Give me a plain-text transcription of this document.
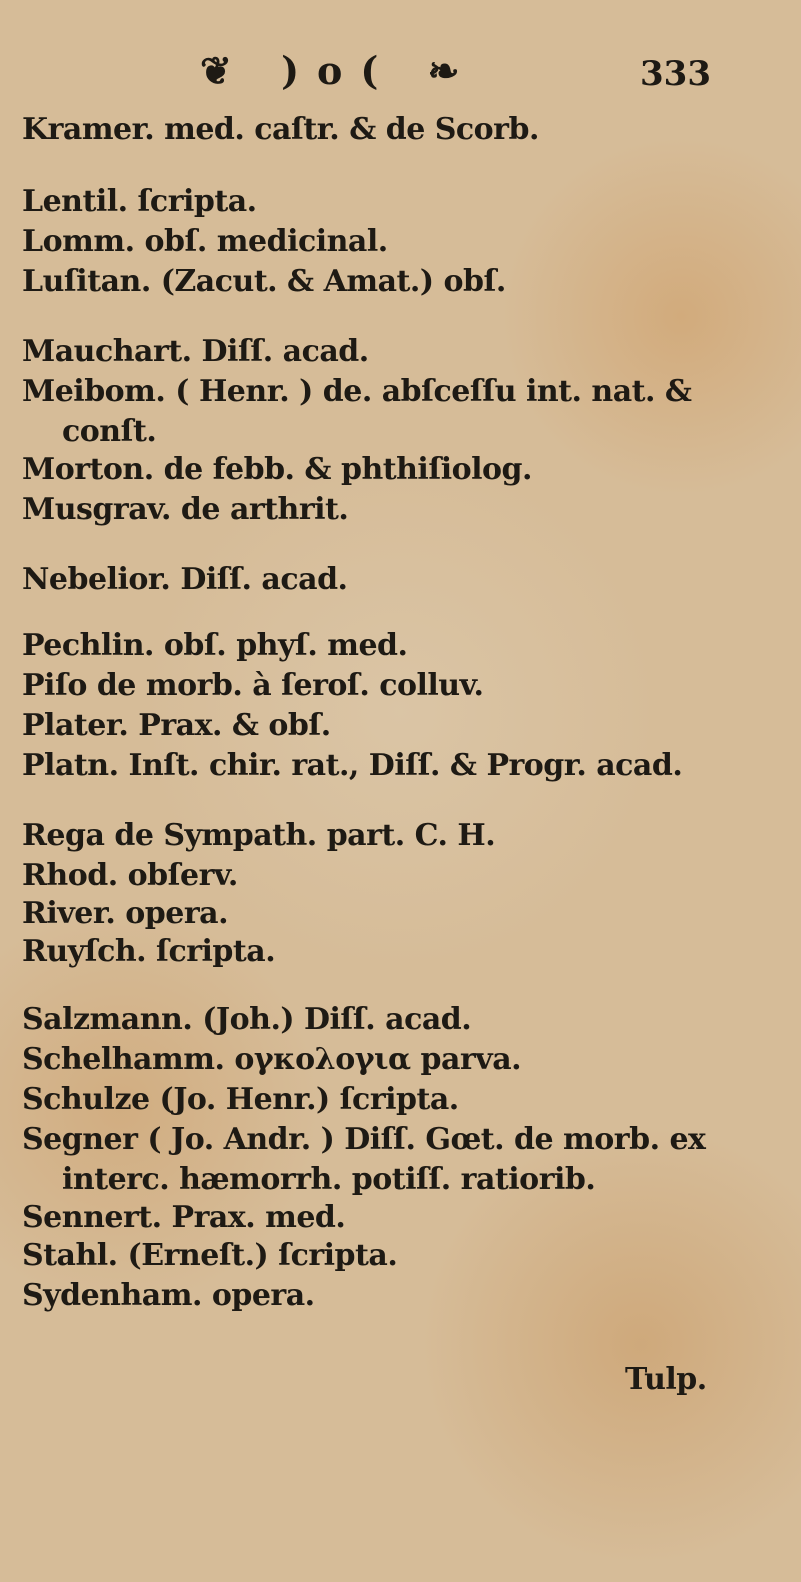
❦ )o( ❧	333
Kramer. med. caſtr. & de Scorb.
Lentil. ſcripta.
Lomm. obſ. medicinal.
Luſitan. (Zacut. & Amat.) obſ.
Mauchart. Diſſ. acad.
Meibom. ( Henr. ) de. abſceſſu int. nat. &
conſt.
Morton. de febb. & phthiſiolog.
Musgrav. de arthrit.
Nebelior. Diſſ. acad.
Pechlin. obſ. phyſ. med.
Piſo de morb. à ſeroſ. colluv.
Plater. Prax. & obſ.
Platn. Inſt. chir. rat., Diſſ. & Progr. acad.
Rega de Sympath. part. C. H.
Rhod. obſerv.
River. opera.
Ruyſch. ſcripta.
Salzmann. (Joh.) Diſſ. acad.
Schelhamm. ογκολογια parva.
Schulze (Jo. Henr.) ſcripta.
Segner ( Jo. Andr. ) Diſſ. Gœt. de morb. ex
interc. hæmorrh. potiſſ. ratiorib.
Sennert. Prax. med.
Stahl. (Erneſt.) ſcripta.
Sydenham. opera.
Tulp.
